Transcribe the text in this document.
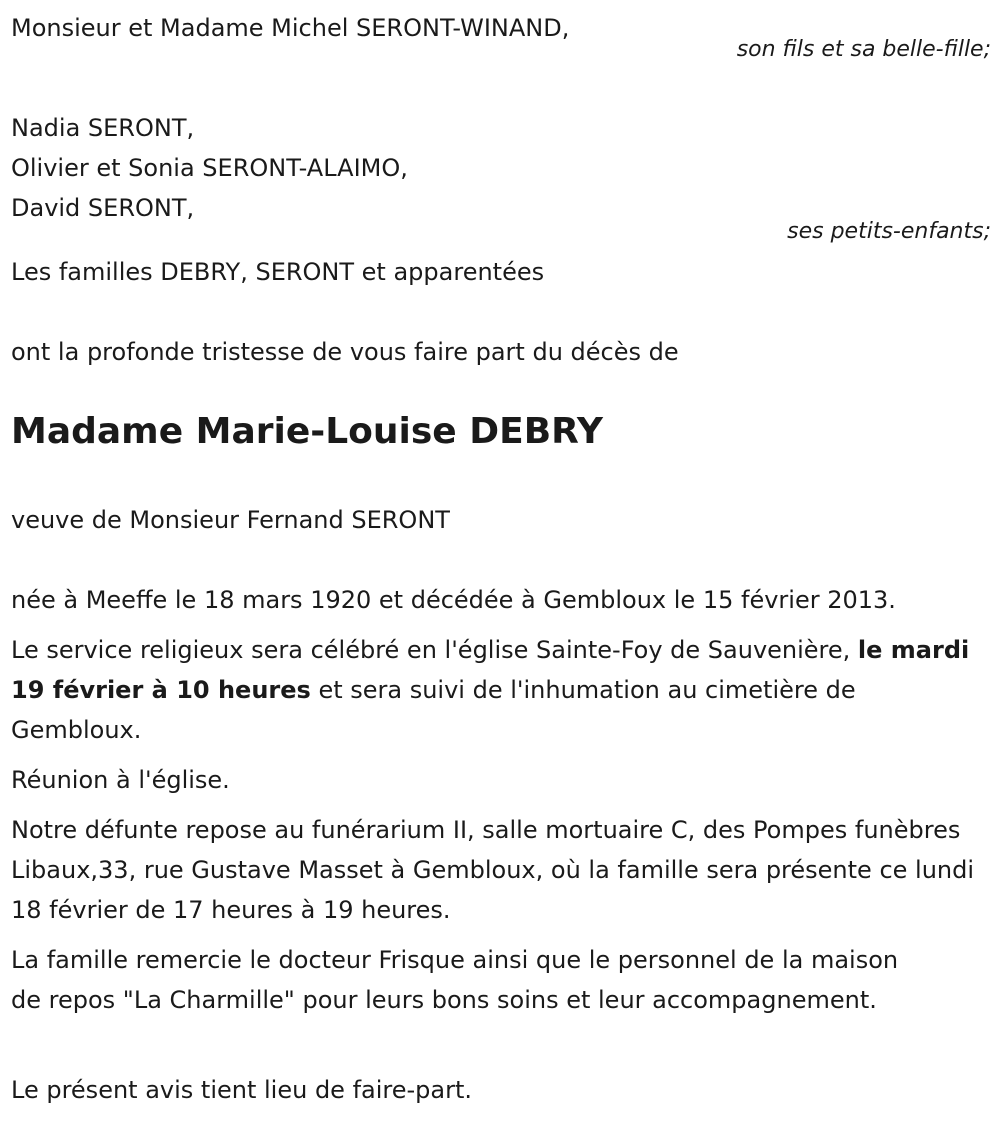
Monsieur et Madame Michel SERONT-WINAND,

son fils et sa belle-fille;

Nadia SERONT,

Olivier et Sonia SERONT-ALAIMO,

David SERONT,

ses petits-enfants;

Les familles DEBRY, SERONT et apparentées

ont la profonde tristesse de vous faire part du décès de

Madame Marie-Louise DEBRY

veuve de Monsieur Fernand SERONT

née à Meeffe le 18 mars 1920 et décédée à Gembloux le 15 février 2013.

Le service religieux sera célébré en l'église Sainte-Foy de Sauvenière, le mardi 19 février à 10 heures et sera suivi de l'inhumation au cimetière de Gembloux.

Réunion à l'église.

Notre défunte repose au funérarium II, salle mortuaire C, des Pompes funèbres Libaux,33, rue Gustave Masset à Gembloux, où la famille sera présente ce lundi 18 février de 17 heures à 19 heures.

La famille remercie le docteur Frisque ainsi que le personnel de la maison de repos "La Charmille" pour leurs bons soins et leur accompagnement.

Le présent avis tient lieu de faire-part.
